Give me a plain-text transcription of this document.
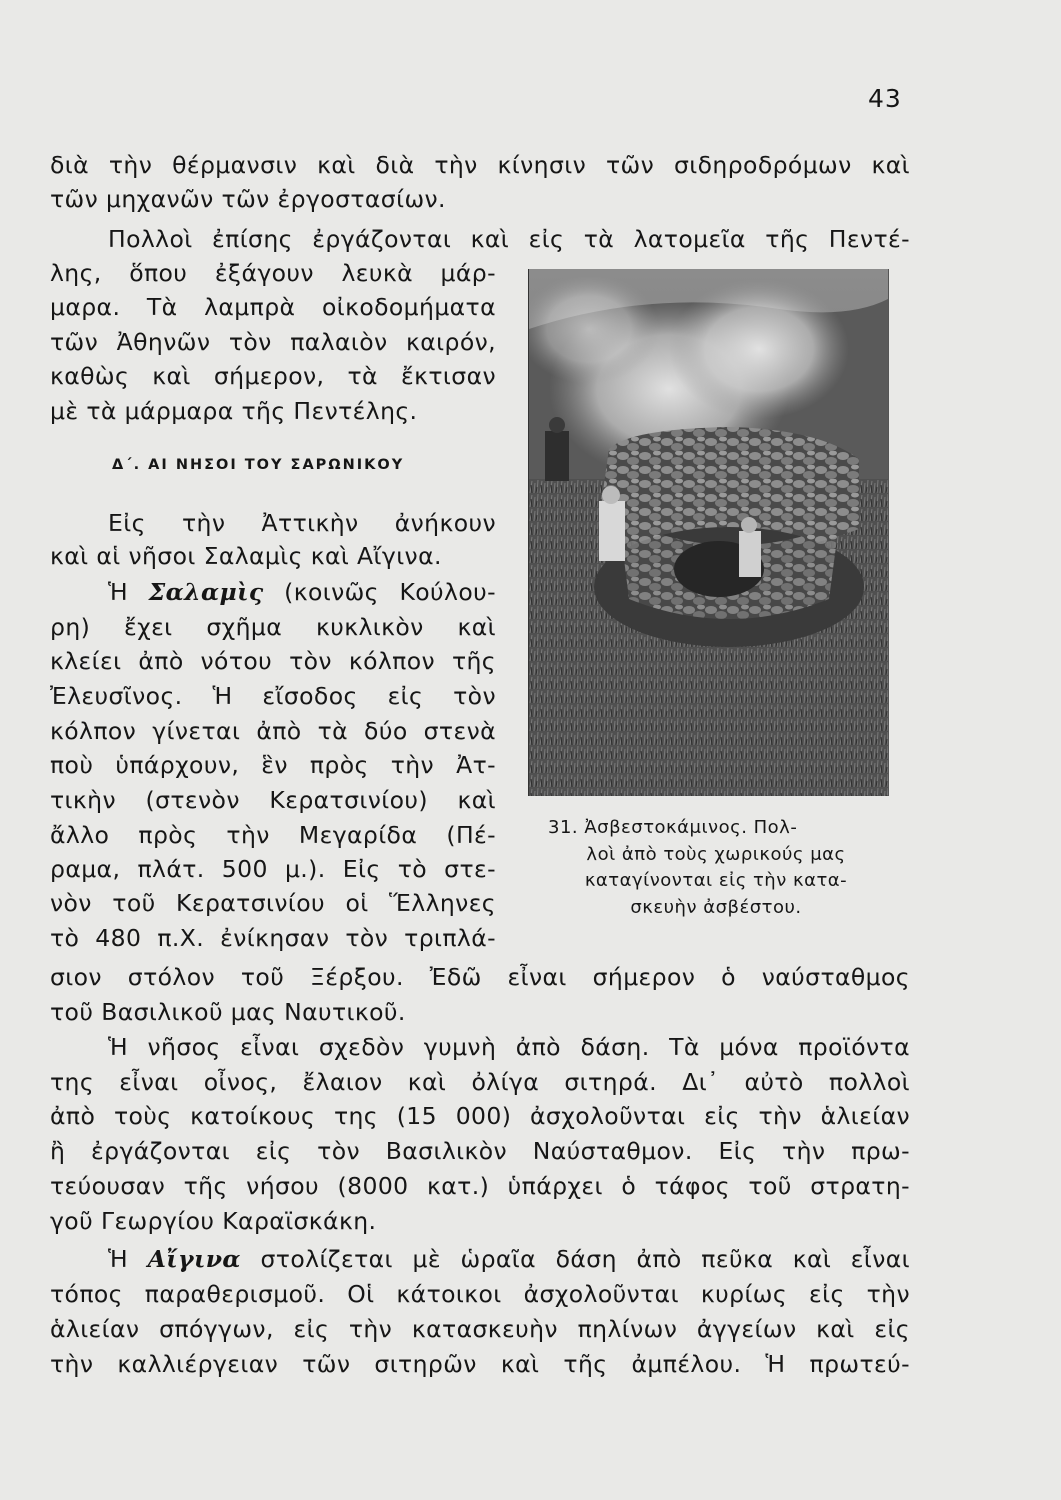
43
διὰ τὴν θέρμανσιν καὶ διὰ τὴν κίνησιν τῶν σιδηροδρόμων καὶ
τῶν μηχανῶν τῶν ἐργοστασίων.
Πολλοὶ ἐπίσης ἐργάζονται καὶ εἰς τὰ λατομεῖα τῆς Πεντέ-
λης, ὅπου ἐξάγουν λευκὰ μάρ-
μαρα. Τὰ λαμπρὰ οἰκοδομήματα
τῶν Ἀθηνῶν τὸν παλαιὸν καιρόν,
καθὼς καὶ σήμερον, τὰ ἔκτισαν
μὲ τὰ μάρμαρα τῆς Πεντέλης.
Δ΄. ΑΙ ΝΗΣΟΙ ΤΟΥ ΣΑΡΩΝΙΚΟΥ
Εἰς τὴν Ἀττικὴν ἀνήκουν
καὶ αἱ νῆσοι Σαλαμὶς καὶ Αἴγινα.
Ἡ Σαλαμὶς (κοινῶς Κούλου-
ρη) ἔχει σχῆμα κυκλικὸν καὶ
κλείει ἀπὸ νότου τὸν κόλπον τῆς
Ἐλευσῖνος. Ἡ εἴσοδος εἰς τὸν
κόλπον γίνεται ἀπὸ τὰ δύο στενὰ
ποὺ ὑπάρχουν, ἓν πρὸς τὴν Ἀτ-
τικὴν (στενὸν Κερατσινίου) καὶ
ἄλλο πρὸς τὴν Μεγαρίδα (Πέ-
ραμα, πλάτ. 500 μ.). Εἰς τὸ στε-
νὸν τοῦ Κερατσινίου οἱ Ἕλληνες
τὸ 480 π.Χ. ἐνίκησαν τὸν τριπλά-
σιον στόλον τοῦ Ξέρξου. Ἐδῶ εἶναι σήμερον ὁ ναύσταθμος
τοῦ Βασιλικοῦ μας Ναυτικοῦ.
Ἡ νῆσος εἶναι σχεδὸν γυμνὴ ἀπὸ δάση. Τὰ μόνα προϊόντα
της εἶναι οἶνος, ἔλαιον καὶ ὀλίγα σιτηρά. Δι᾽ αὐτὸ πολλοὶ
ἀπὸ τοὺς κατοίκους της (15 000) ἀσχολοῦνται εἰς τὴν ἁλιείαν
ἢ ἐργάζονται εἰς τὸν Βασιλικὸν Ναύσταθμον. Εἰς τὴν πρω-
τεύουσαν τῆς νήσου (8000 κατ.) ὑπάρχει ὁ τάφος τοῦ στρατη-
γοῦ Γεωργίου Καραϊσκάκη.
Ἡ Αἴγινα στολίζεται μὲ ὡραῖα δάση ἀπὸ πεῦκα καὶ εἶναι
τόπος παραθερισμοῦ. Οἱ κάτοικοι ἀσχολοῦνται κυρίως εἰς τὴν
ἁλιείαν σπόγγων, εἰς τὴν κατασκευὴν πηλίνων ἀγγείων καὶ εἰς
τὴν καλλιέργειαν τῶν σιτηρῶν καὶ τῆς ἀμπέλου. Ἡ πρωτεύ-
31. Ἀσβεστοκάμινος. Πολ-
λοὶ ἀπὸ τοὺς χωρικούς μας
καταγίνονται εἰς τὴν κατα-
σκευὴν ἀσβέστου.
